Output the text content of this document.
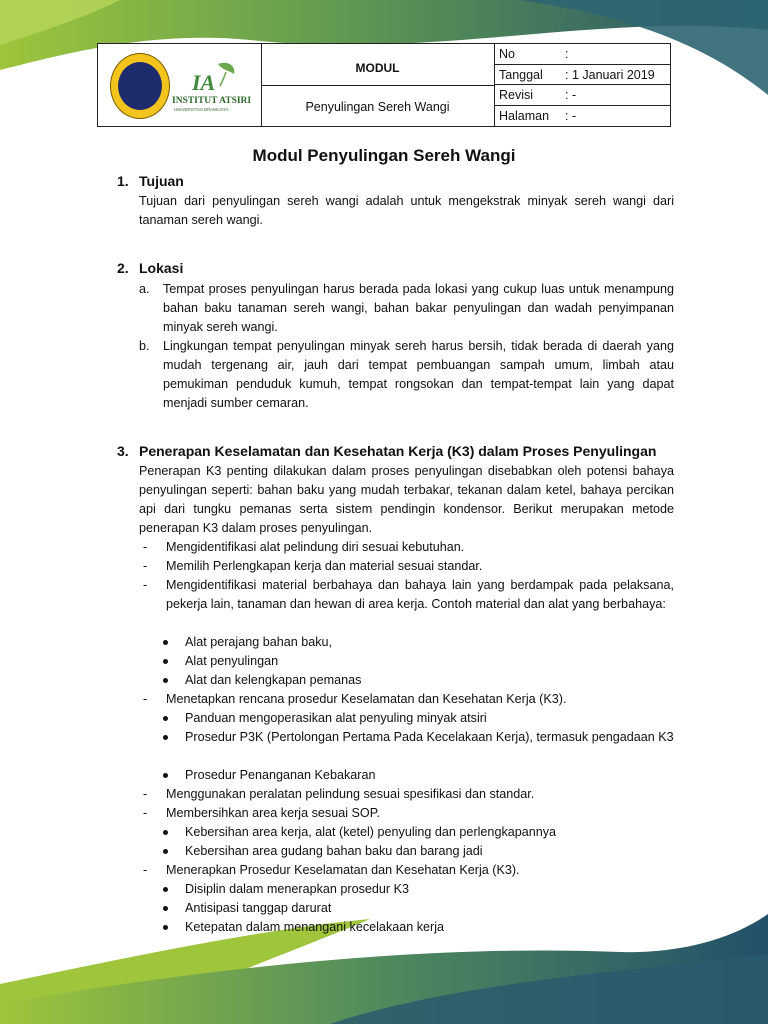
IA
INSTITUT ATSIRI
UNIVERSITAS BRAWIJAYA
MODUL
Penyulingan Sereh Wangi
No	:
Tanggal : 1 Januari 2019
Revisi	: -
Halaman : -
Modul Penyulingan Sereh Wangi
1. Tujuan

Tujuan dari penyulingan sereh wangi adalah untuk mengekstrak minyak sereh wangi dari tanaman sereh wangi.

2. Lokasi
a. Tempat proses penyulingan harus berada pada lokasi yang cukup luas untuk menampung bahan baku tanaman sereh wangi, bahan bakar penyulingan dan wadah penyimpanan minyak sereh wangi.

b. Lingkungan tempat penyulingan minyak sereh harus bersih, tidak berada di daerah yang mudah tergenang air, jauh dari tempat pembuangan sampah umum, limbah atau pemukiman penduduk kumuh, tempat rongsokan dan tempat-tempat lain yang dapat menjadi sumber cemaran.

3. Penerapan Keselamatan dan Kesehatan Kerja (K3) dalam Proses Penyulingan

Penerapan K3 penting dilakukan dalam proses penyulingan disebabkan oleh potensi bahaya penyulingan seperti: bahan baku yang mudah terbakar, tekanan dalam ketel, bahaya percikan api dari tungku pemanas serta sistem pendingin kondensor. Berikut merupakan metode penerapan K3 dalam proses penyulingan.

- Mengidentifikasi alat pelindung diri sesuai kebutuhan.

- Memilih Perlengkapan kerja dan material sesuai standar.

- Mengidentifikasi material berbahaya dan bahaya lain yang berdampak pada pelaksana, pekerja lain, tanaman dan hewan di area kerja. Contoh material dan alat yang berbahaya:

Alat perajang bahan baku,

Alat penyulingan

Alat dan kelengkapan pemanas

- Menetapkan rencana prosedur Keselamatan dan Kesehatan Kerja (K3).

Panduan mengoperasikan alat penyuling minyak atsiri

Prosedur P3K (Pertolongan Pertama Pada Kecelakaan Kerja), termasuk pengadaan K3

Prosedur Penanganan Kebakaran

- Menggunakan peralatan pelindung sesuai spesifikasi dan standar.

- Membersihkan area kerja sesuai SOP.

Kebersihan area kerja, alat (ketel) penyuling dan perlengkapannya

Kebersihan area gudang bahan baku dan barang jadi

- Menerapkan Prosedur Keselamatan dan Kesehatan Kerja (K3).

Disiplin dalam menerapkan prosedur K3

Antisipasi tanggap darurat

Ketepatan dalam menangani kecelakaan kerja
